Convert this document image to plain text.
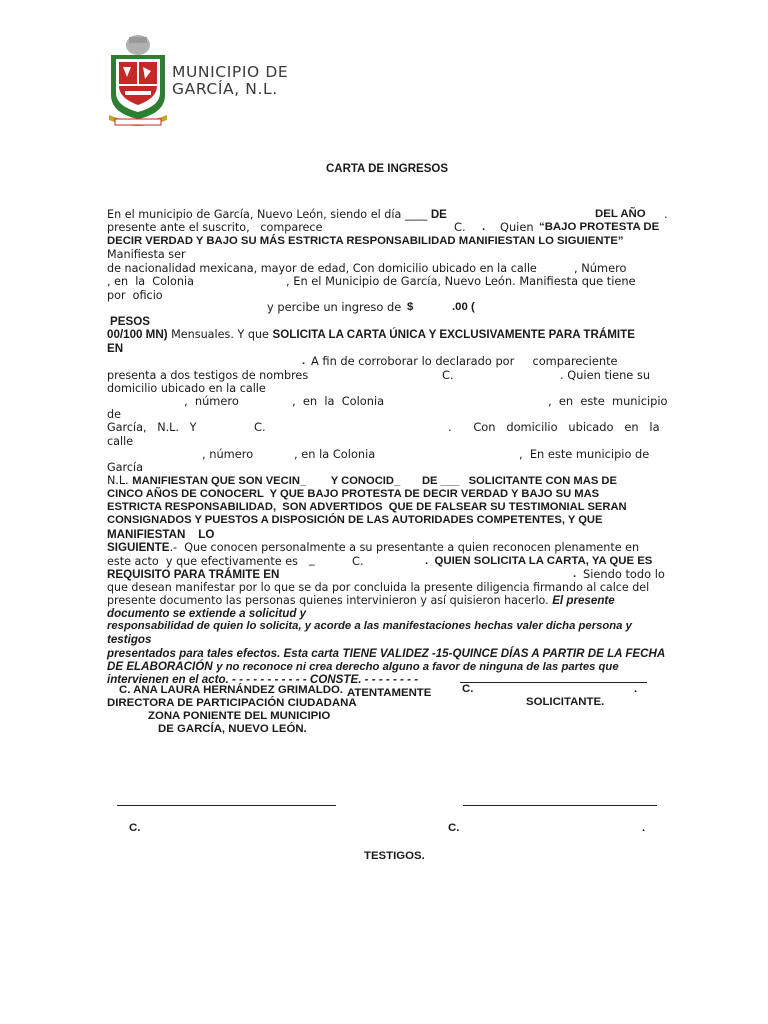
MUNICIPIO DE
GARCÍA, N.L.
CARTA DE INGRESOS
En el municipio de García, Nuevo León, siendo el día ____ DE	DEL AÑO .
presente ante el suscrito,   comparece	C. . Quien “BAJO PROTESTA DE
DECIR VERDAD Y BAJO SU MÁS ESTRICTA RESPONSABILIDAD MANIFIESTAN LO SIGUIENTE”
Manifiesta ser
de nacionalidad mexicana, mayor de edad, Con domicilio ubicado en la calle	, Número
, en  la  Colonia	, En el Municipio de García, Nuevo León. Manifiesta que tiene
por  oficio
y percibe un ingreso de $	.00 (
PESOS
00/100 MN) Mensuales. Y que SOLICITA LA CARTA ÚNICA Y EXCLUSIVAMENTE PARA TRÁMITE
EN
. A fin de corroborar lo declarado por     compareciente
presenta a dos testigos de nombres	C.	. Quien tiene su
domicilio ubicado en la calle
,  número	,  en  la  Colonia	,  en  este  municipio
de
García,   N.L.   Y	C.	.      Con   domicilio   ubicado   en   la
calle
, número	, en la Colonia	,  En este municipio de
García
N.L. MANIFIESTAN QUE SON VECIN_        Y CONOCID_       DE ___   SOLICITANTE CON MAS DE
CINCO AÑOS DE CONOCERL  Y QUE BAJO PROTESTA DE DECIR VERDAD Y BAJO SU MAS
ESTRICTA RESPONSABILIDAD,  SON ADVERTIDOS  QUE DE FALSEAR SU TESTIMONIAL SERAN
CONSIGNADOS Y PUESTOS A DISPOSICIÓN DE LAS AUTORIDADES COMPETENTES, Y QUE
MANIFIESTAN    LO
SIGUIENTE.-  Que conocen personalmente a su presentante a quien reconocen plenamente en
este acto  y que efectivamente es _	C.	.  QUIEN SOLICITA LA CARTA, YA QUE ES
REQUISITO PARA TRÁMITE EN	. Siendo todo lo
que desean manifestar por lo que se da por concluida la presente diligencia firmando al calce del
presente documento las personas quienes intervinieron y así quisieron hacerlo. El presente
documento se extiende a solicitud y
responsabilidad de quien lo solicita, y acorde a las manifestaciones hechas valer dicha persona y
testigos
presentados para tales efectos. Esta carta TIENE VALIDEZ -15-QUINCE DÍAS A PARTIR DE LA FECHA
DE ELABORACIÓN y no reconoce ni crea derecho alguno a favor de ninguna de las partes que
intervienen en el acto. - - - - - - - - - - - CONSTE. - - - - - - - -
C. ANA LAURA HERNÁNDEZ GRIMALDO. ATENTAMENTE	C.	.
DIRECTORA DE PARTICIPACIÓN CIUDADANA	SOLICITANTE.
ZONA PONIENTE DEL MUNICIPIO
DE GARCÍA, NUEVO LEÓN.
C.	C.	.
TESTIGOS.
